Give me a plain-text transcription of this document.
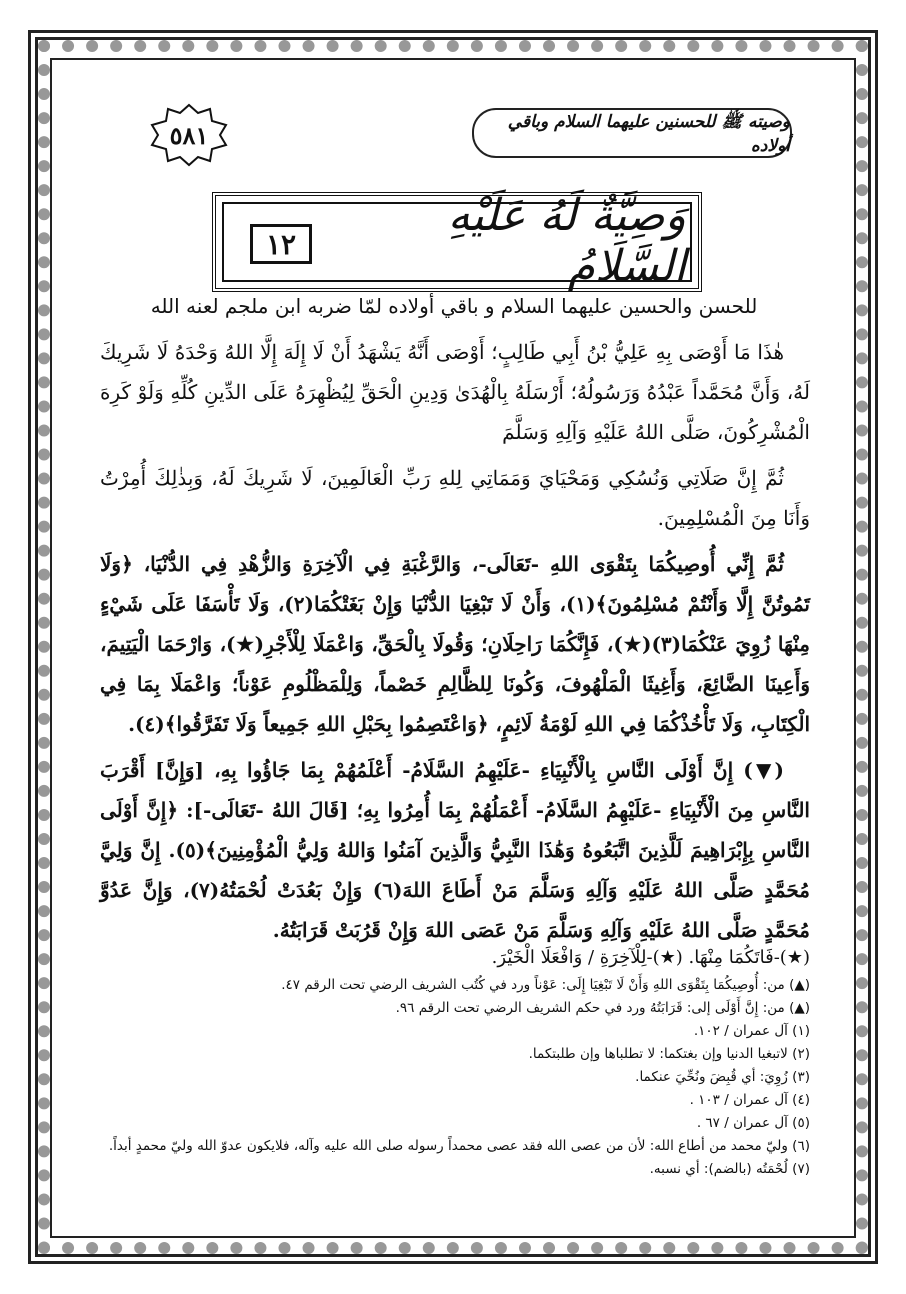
٥٨١	وصيته ﷺ للحسنين عليهما السلام وباقي أولاده
١٢
وَصِيَّةٌ لَهُ عَلَيْهِ السَّلَامُ
للحسن والحسين عليهما السلام و باقي أولاده لمّا ضربه ابن ملجم لعنه الله

هٰذَا مَا أَوْصَى بِهِ عَلِيُّ بْنُ أَبِي طَالِبٍ؛ أَوْصَى أَنَّهُ يَشْهَدُ أَنْ لَا إِلَهَ إِلَّا اللهُ وَحْدَهُ لَا شَرِيكَ لَهُ، وَأَنَّ مُحَمَّداً عَبْدُهُ وَرَسُولُهُ؛ أَرْسَلَهُ بِالْهُدَىٰ وَدِينِ الْحَقِّ لِيُظْهِرَهُ عَلَى الدِّينِ كُلِّهِ وَلَوْ كَرِهَ الْمُشْرِكُونَ، صَلَّى اللهُ عَلَيْهِ وَآلِهِ وَسَلَّمَ

ثُمَّ إِنَّ صَلَاتِي وَنُسُكِي وَمَحْيَايَ وَمَمَاتِي لِلهِ رَبِّ الْعَالَمِينَ، لَا شَرِيكَ لَهُ، وَبِذٰلِكَ أُمِرْتُ وَأَنَا مِنَ الْمُسْلِمِينَ.

ثُمَّ إِنِّي أُوصِيكُمَا بِتَقْوَى اللهِ -تَعَالَى-، وَالرَّغْبَةِ فِي الْآخِرَةِ وَالزُّهْدِ فِي الدُّنْيَا، ﴿وَلَا تَمُوتُنَّ إِلَّا وَأَنْتُمْ مُسْلِمُونَ﴾(١)، وَأَنْ لَا تَبْغِيَا الدُّنْيَا وَإِنْ بَغَتْكُمَا(٢)، وَلَا تَأْسَفَا عَلَى شَيْءٍ مِنْهَا زُوِيَ عَنْكُمَا(٣)(★)، فَإِنَّكُمَا رَاحِلَانِ؛ وَقُولَا بِالْحَقِّ، وَاعْمَلَا لِلْأَجْرِ(★)، وَارْحَمَا الْيَتِيمَ، وَأَعِينَا الضَّائِعَ، وَأَغِيثَا الْمَلْهُوفَ، وَكُونَا لِلظَّالِمِ خَصْماً، وَلِلْمَظْلُومِ عَوْناً؛ وَاعْمَلَا بِمَا فِي الْكِتَابِ، وَلَا تَأْخُذْكُمَا فِي اللهِ لَوْمَةُ لَائِمٍ، ﴿وَاعْتَصِمُوا بِحَبْلِ اللهِ جَمِيعاً وَلَا تَفَرَّقُوا﴾(٤).

(▼) إِنَّ أَوْلَى النَّاسِ بِالْأَنْبِيَاءِ -عَلَيْهِمُ السَّلَامُ- أَعْلَمُهُمْ بِمَا جَاؤُوا بِهِ، [وَإِنَّ] أَقْرَبَ النَّاسِ مِنَ الْأَنْبِيَاءِ -عَلَيْهِمُ السَّلَامُ- أَعْمَلُهُمْ بِمَا أُمِرُوا بِهِ؛ [قَالَ اللهُ -تَعَالَى-]: ﴿إِنَّ أَوْلَى النَّاسِ بِإِبْرَاهِيمَ لَلَّذِينَ اتَّبَعُوهُ وَهَٰذَا النَّبِيُّ وَالَّذِينَ آمَنُوا وَاللهُ وَلِيُّ الْمُؤْمِنِينَ﴾(٥). إِنَّ وَلِيَّ مُحَمَّدٍ صَلَّى اللهُ عَلَيْهِ وَآلِهِ وَسَلَّمَ مَنْ أَطَاعَ اللهَ(٦) وَإِنْ بَعُدَتْ لُحْمَتُهُ(٧)، وَإِنَّ عَدُوَّ مُحَمَّدٍ صَلَّى اللهُ عَلَيْهِ وَآلِهِ وَسَلَّمَ مَنْ عَصَى اللهَ وَإِنْ قَرُبَتْ قَرَابَتُهُ.

(★)-فَاتَكُمَا مِنْهَا. (★)-لِلْآخِرَةِ / وَافْعَلَا الْخَيْرَ.
(▲) من: أُوصِيكُمَا بِتَقْوَى اللهِ وَأَنْ لَا تَبْغِيَا إِلَى: عَوْناً ورد في كُتُب الشريف الرضي تحت الرقم ٤٧.
(▲) من: إِنَّ أَوْلَى إلى: قَرَابَتُهُ ورد في حكم الشريف الرضي تحت الرقم ٩٦.
(١) آل عمران / ١٠٢.
(٢) لاتبغيا الدنيا وإن بغتكما: لا تطلباها وإن طلبتكما.
(٣) زُوِيَ: أي قُبِضَ ونُحِّيَ عنكما.
(٤) آل عمران / ١٠٣ .
(٥) آل عمران / ٦٧ .
(٦) وليّ محمد من أطاع الله: لأن من عصى الله فقد عصى محمداً رسوله صلى الله عليه وآله، فلايكون عدوّ الله وليّ محمدٍ أبداً.
(٧) لُحْمَتُه (بالضم): أي نسبه.
